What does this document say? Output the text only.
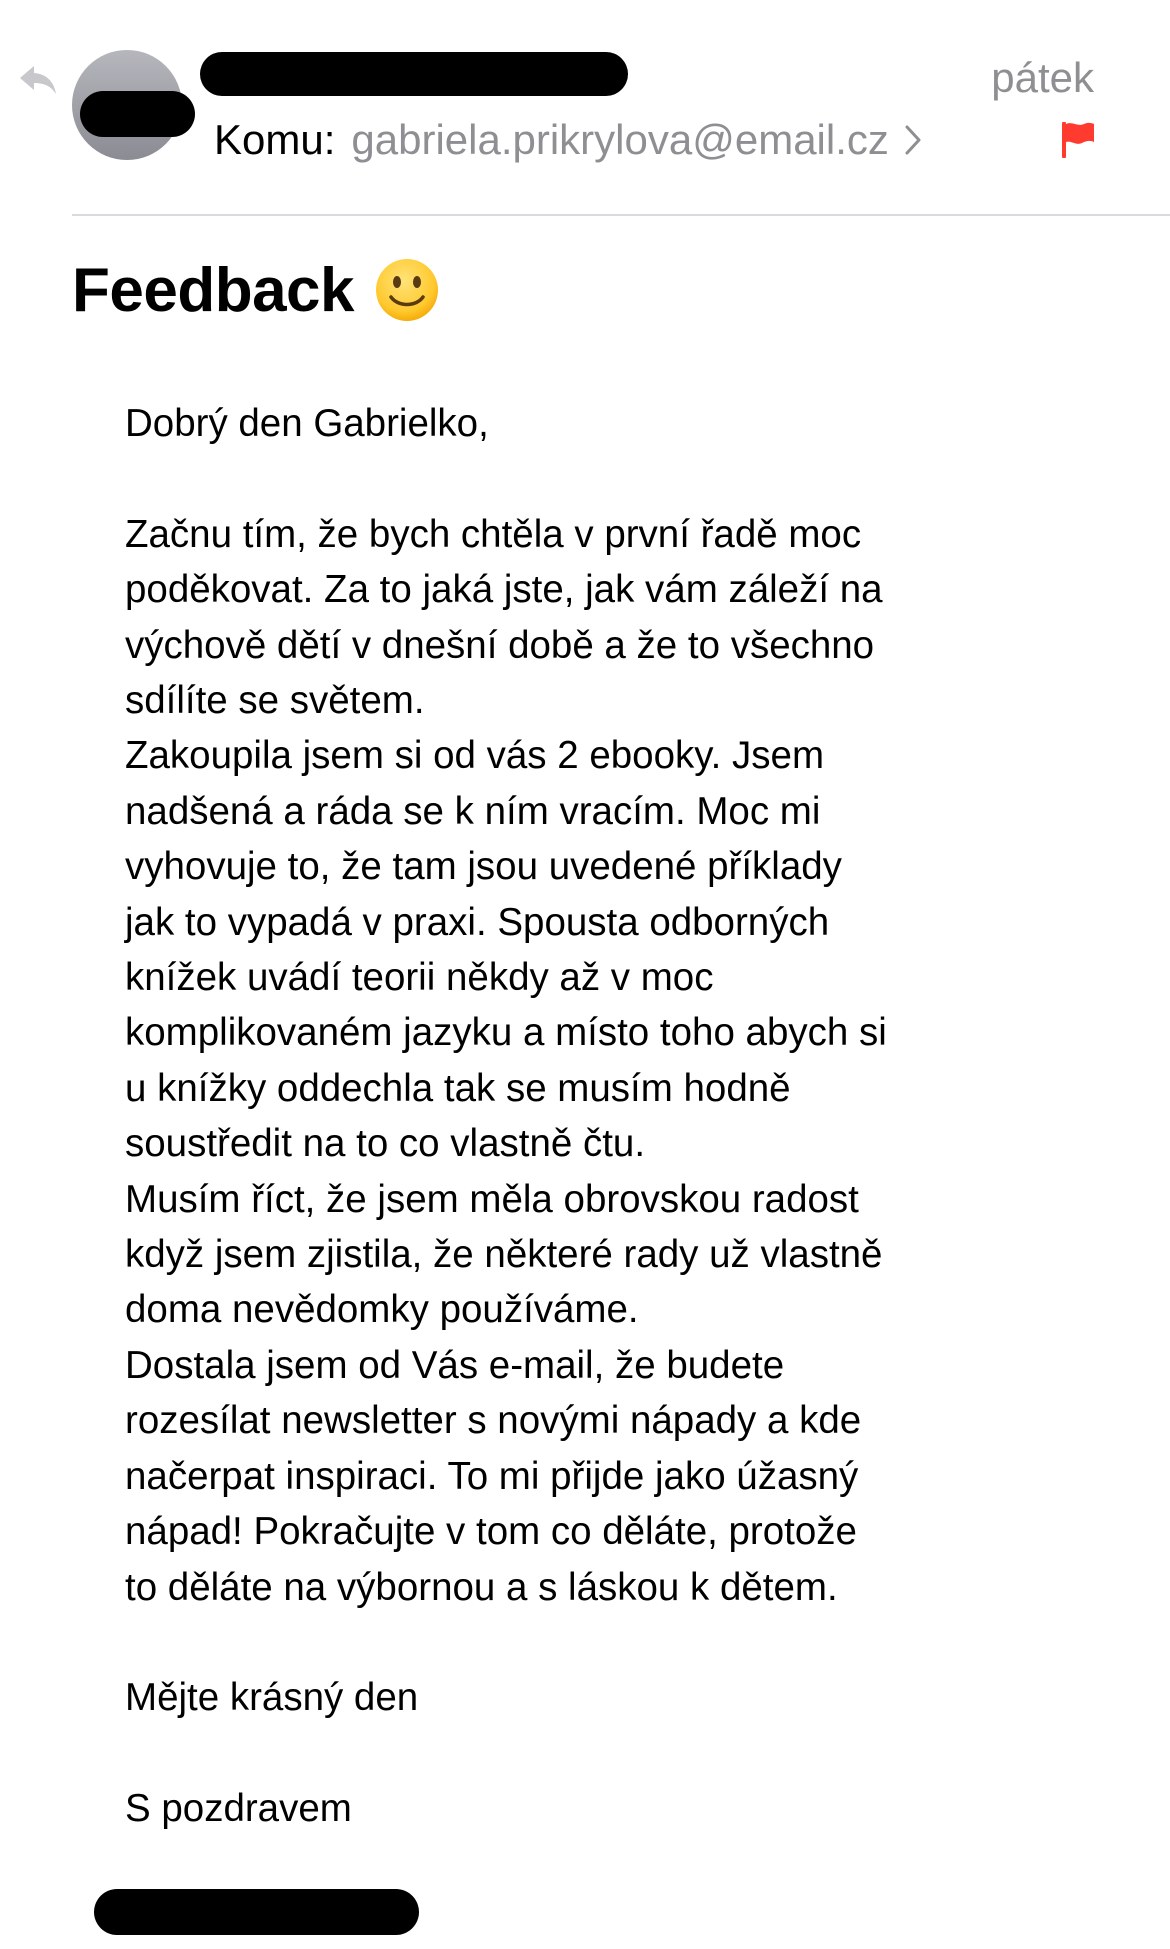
pátek
Komu: gabriela.prikrylova@email.cz
Feedback

Dobrý den Gabrielko,

Začnu tím, že bych chtěla v první řadě moc

poděkovat. Za to jaká jste, jak vám záleží na

výchově dětí v dnešní době a že to všechno

sdílíte se světem.

Zakoupila jsem si od vás 2 ebooky. Jsem

nadšená a ráda se k ním vracím. Moc mi

vyhovuje to, že tam jsou uvedené příklady

jak to vypadá v praxi. Spousta odborných

knížek uvádí teorii někdy až v moc

komplikovaném jazyku a místo toho abych si

u knížky oddechla tak se musím hodně

soustředit na to co vlastně čtu.

Musím říct, že jsem měla obrovskou radost

když jsem zjistila, že některé rady už vlastně

doma nevědomky používáme.

Dostala jsem od Vás e-mail, že budete

rozesílat newsletter s novými nápady a kde

načerpat inspiraci. To mi přijde jako úžasný

nápad! Pokračujte v tom co děláte, protože

to děláte na výbornou a s láskou k dětem.

Mějte krásný den

S pozdravem
